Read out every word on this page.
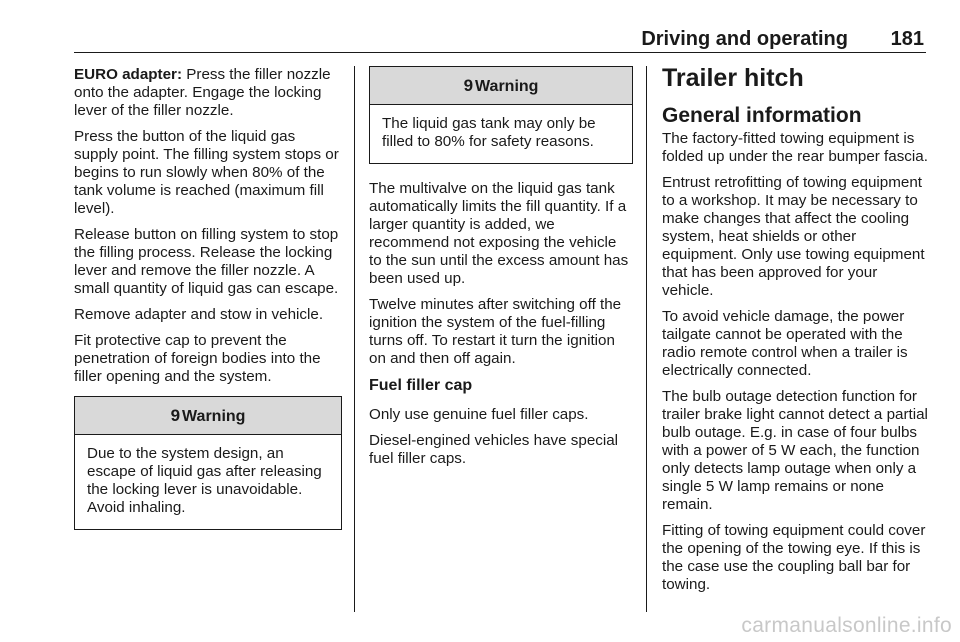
Driving and operating 181

EURO adapter: Press the filler nozzle onto the adapter. Engage the locking lever of the filler nozzle.

Press the button of the liquid gas supply point. The filling system stops or begins to run slowly when 80% of the tank volume is reached (maximum fill level).

Release button on filling system to stop the filling process. Release the locking lever and remove the filler nozzle. A small quantity of liquid gas can escape.

Remove adapter and stow in vehicle.

Fit protective cap to prevent the penetration of foreign bodies into the filler opening and the system.

9 Warning

Due to the system design, an escape of liquid gas after releasing the locking lever is unavoidable. Avoid inhaling.

9 Warning

The liquid gas tank may only be filled to 80% for safety reasons.

The multivalve on the liquid gas tank automatically limits the fill quantity. If a larger quantity is added, we recommend not exposing the vehicle to the sun until the excess amount has been used up.

Twelve minutes after switching off the ignition the system of the fuel-filling turns off. To restart it turn the ignition on and then off again.

Fuel filler cap

Only use genuine fuel filler caps.

Diesel-engined vehicles have special fuel filler caps.

Trailer hitch
General information

The factory-fitted towing equipment is folded up under the rear bumper fascia.

Entrust retrofitting of towing equipment to a workshop. It may be necessary to make changes that affect the cooling system, heat shields or other equipment. Only use towing equipment that has been approved for your vehicle.

To avoid vehicle damage, the power tailgate cannot be operated with the radio remote control when a trailer is electrically connected.

The bulb outage detection function for trailer brake light cannot detect a partial bulb outage. E.g. in case of four bulbs with a power of 5 W each, the function only detects lamp outage when only a single 5 W lamp remains or none remain.

Fitting of towing equipment could cover the opening of the towing eye. If this is the case use the coupling ball bar for towing.

carmanualsonline.info
